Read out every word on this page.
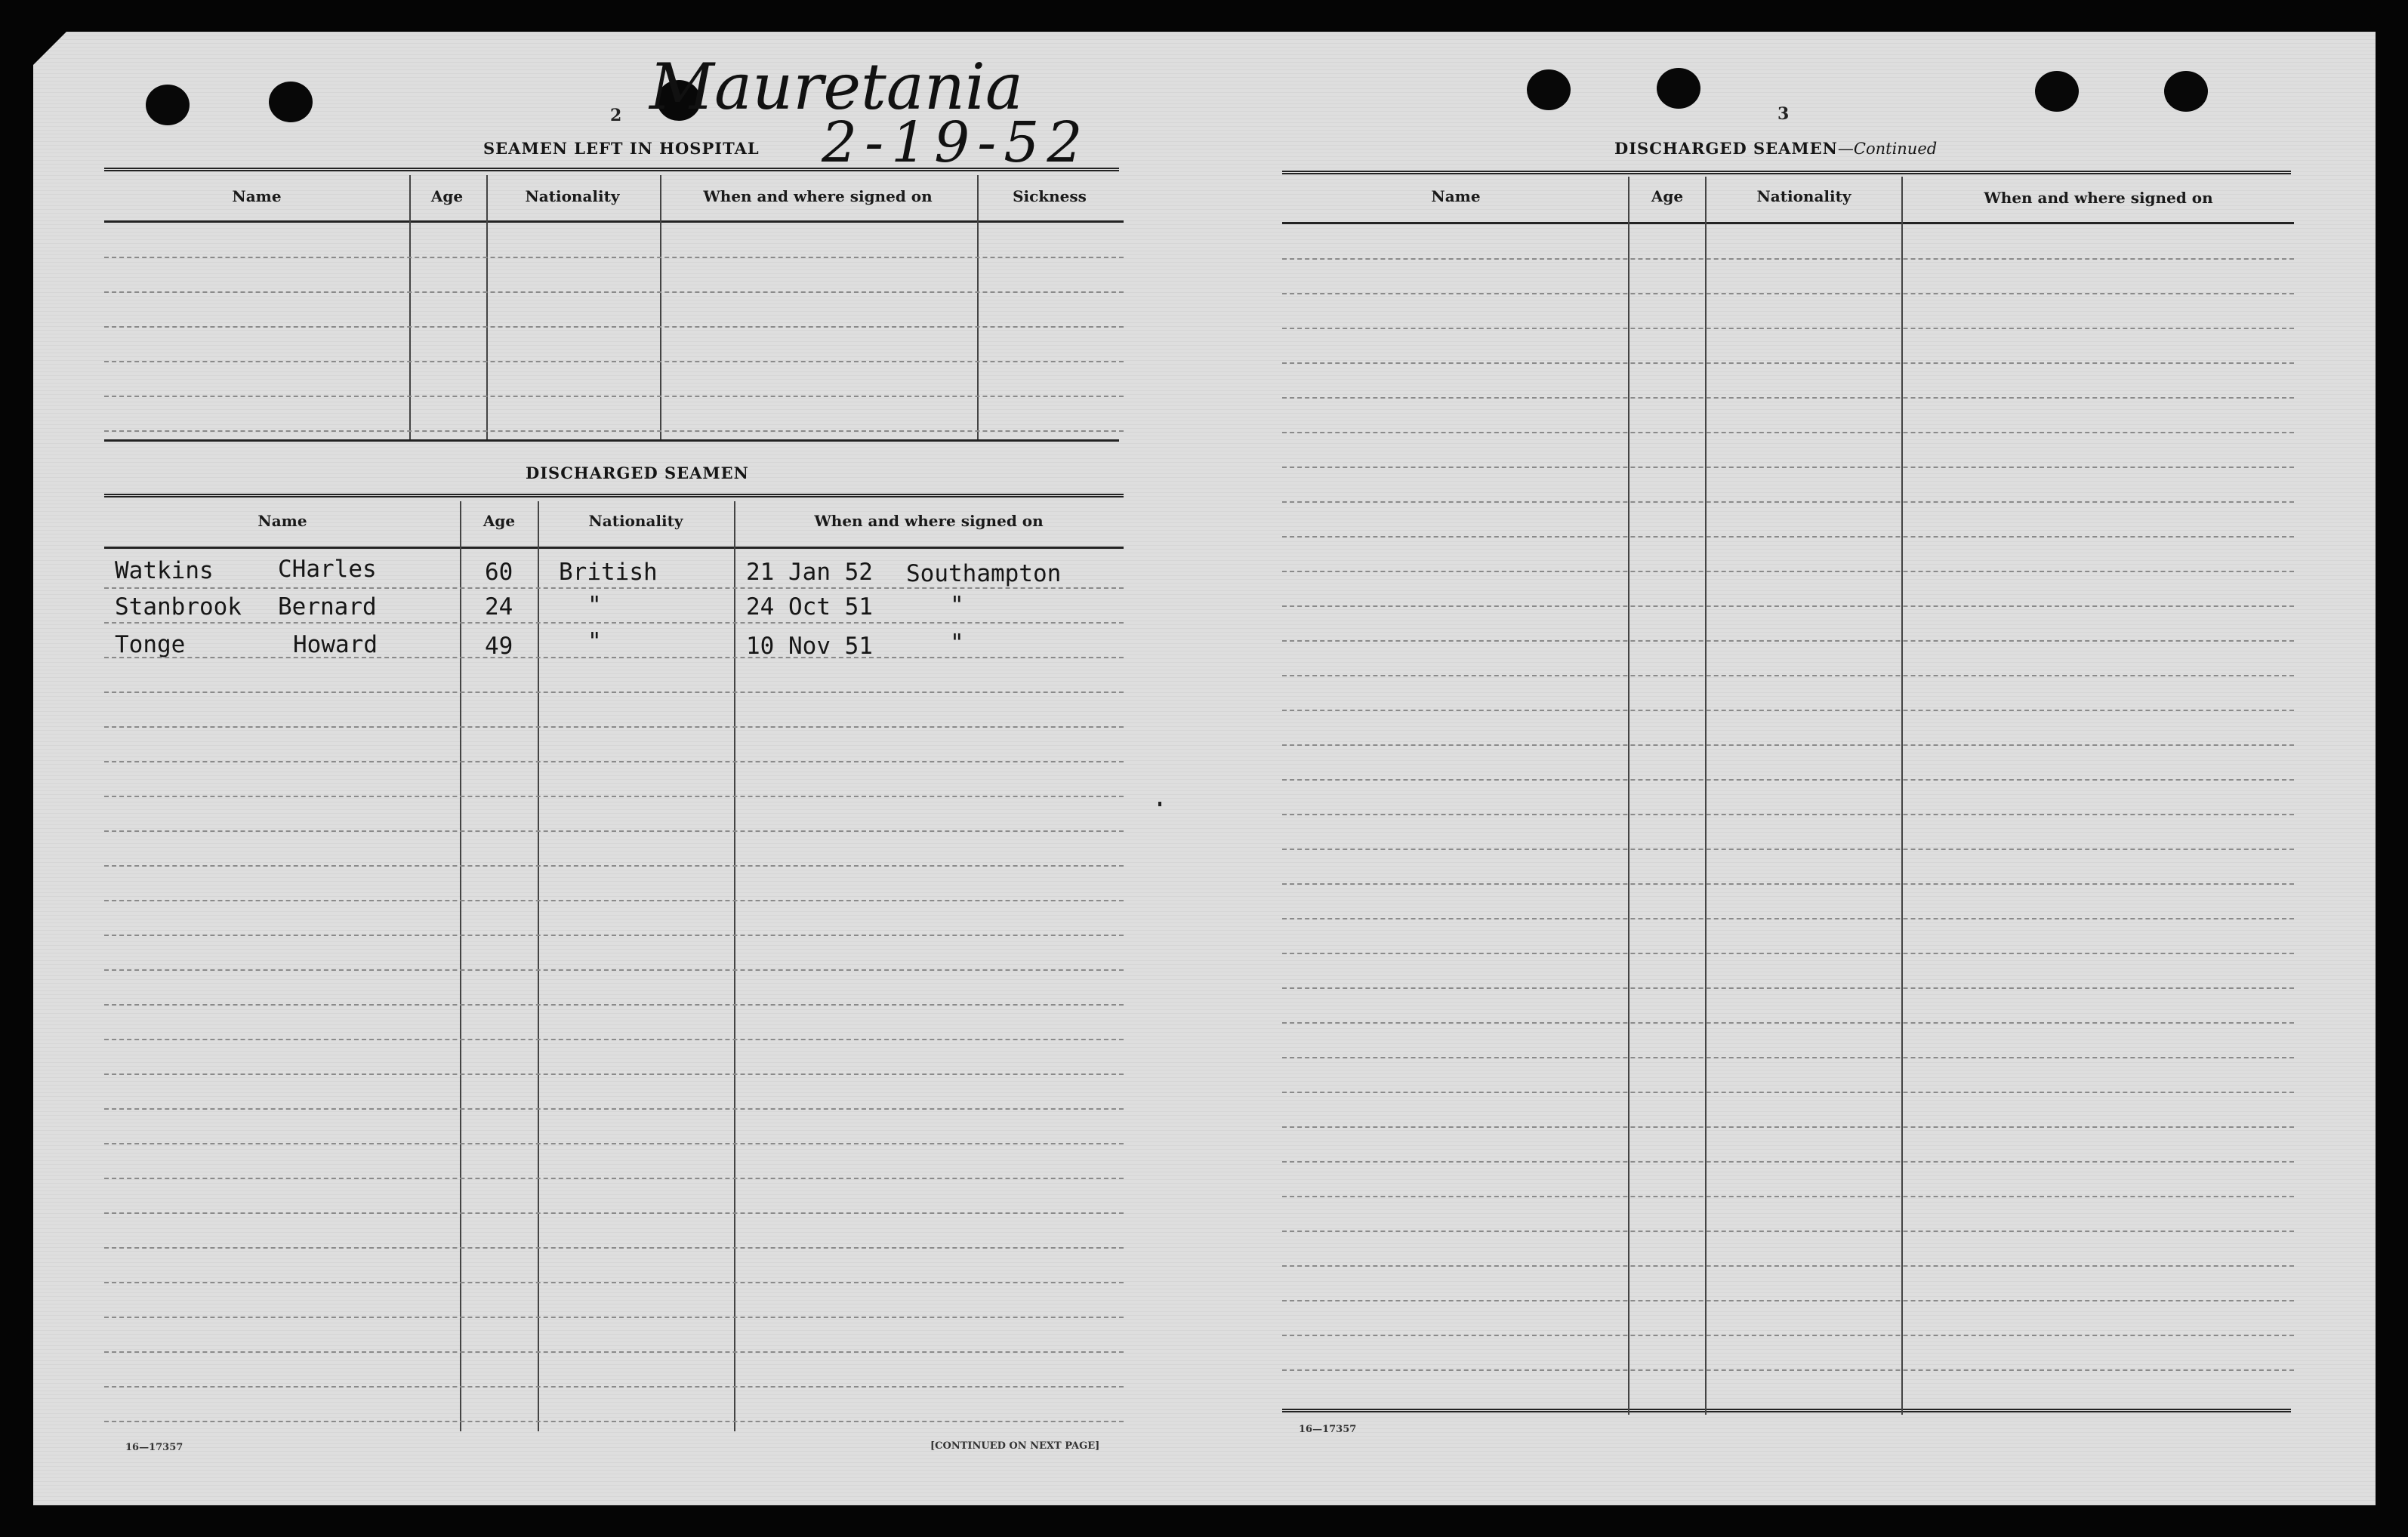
2 Mauretania
2-19-52
SEAMEN LEFT IN HOSPITAL
Name	Age	Nationality	When and where signed on	Sickness
DISCHARGED SEAMEN
Name	Age	Nationality	When and where signed on
Watkins	CHarles	60 British	21 Jan 52 Southampton
Stanbrook Bernard	24	"	24 Oct 51	"
Tonge	Howard	49	"	10 Nov 51	"
16—17357	[CONTINUED ON NEXT PAGE]
3
DISCHARGED SEAMEN—Continued
Name	Age	Nationality	When and where signed on
16—17357
